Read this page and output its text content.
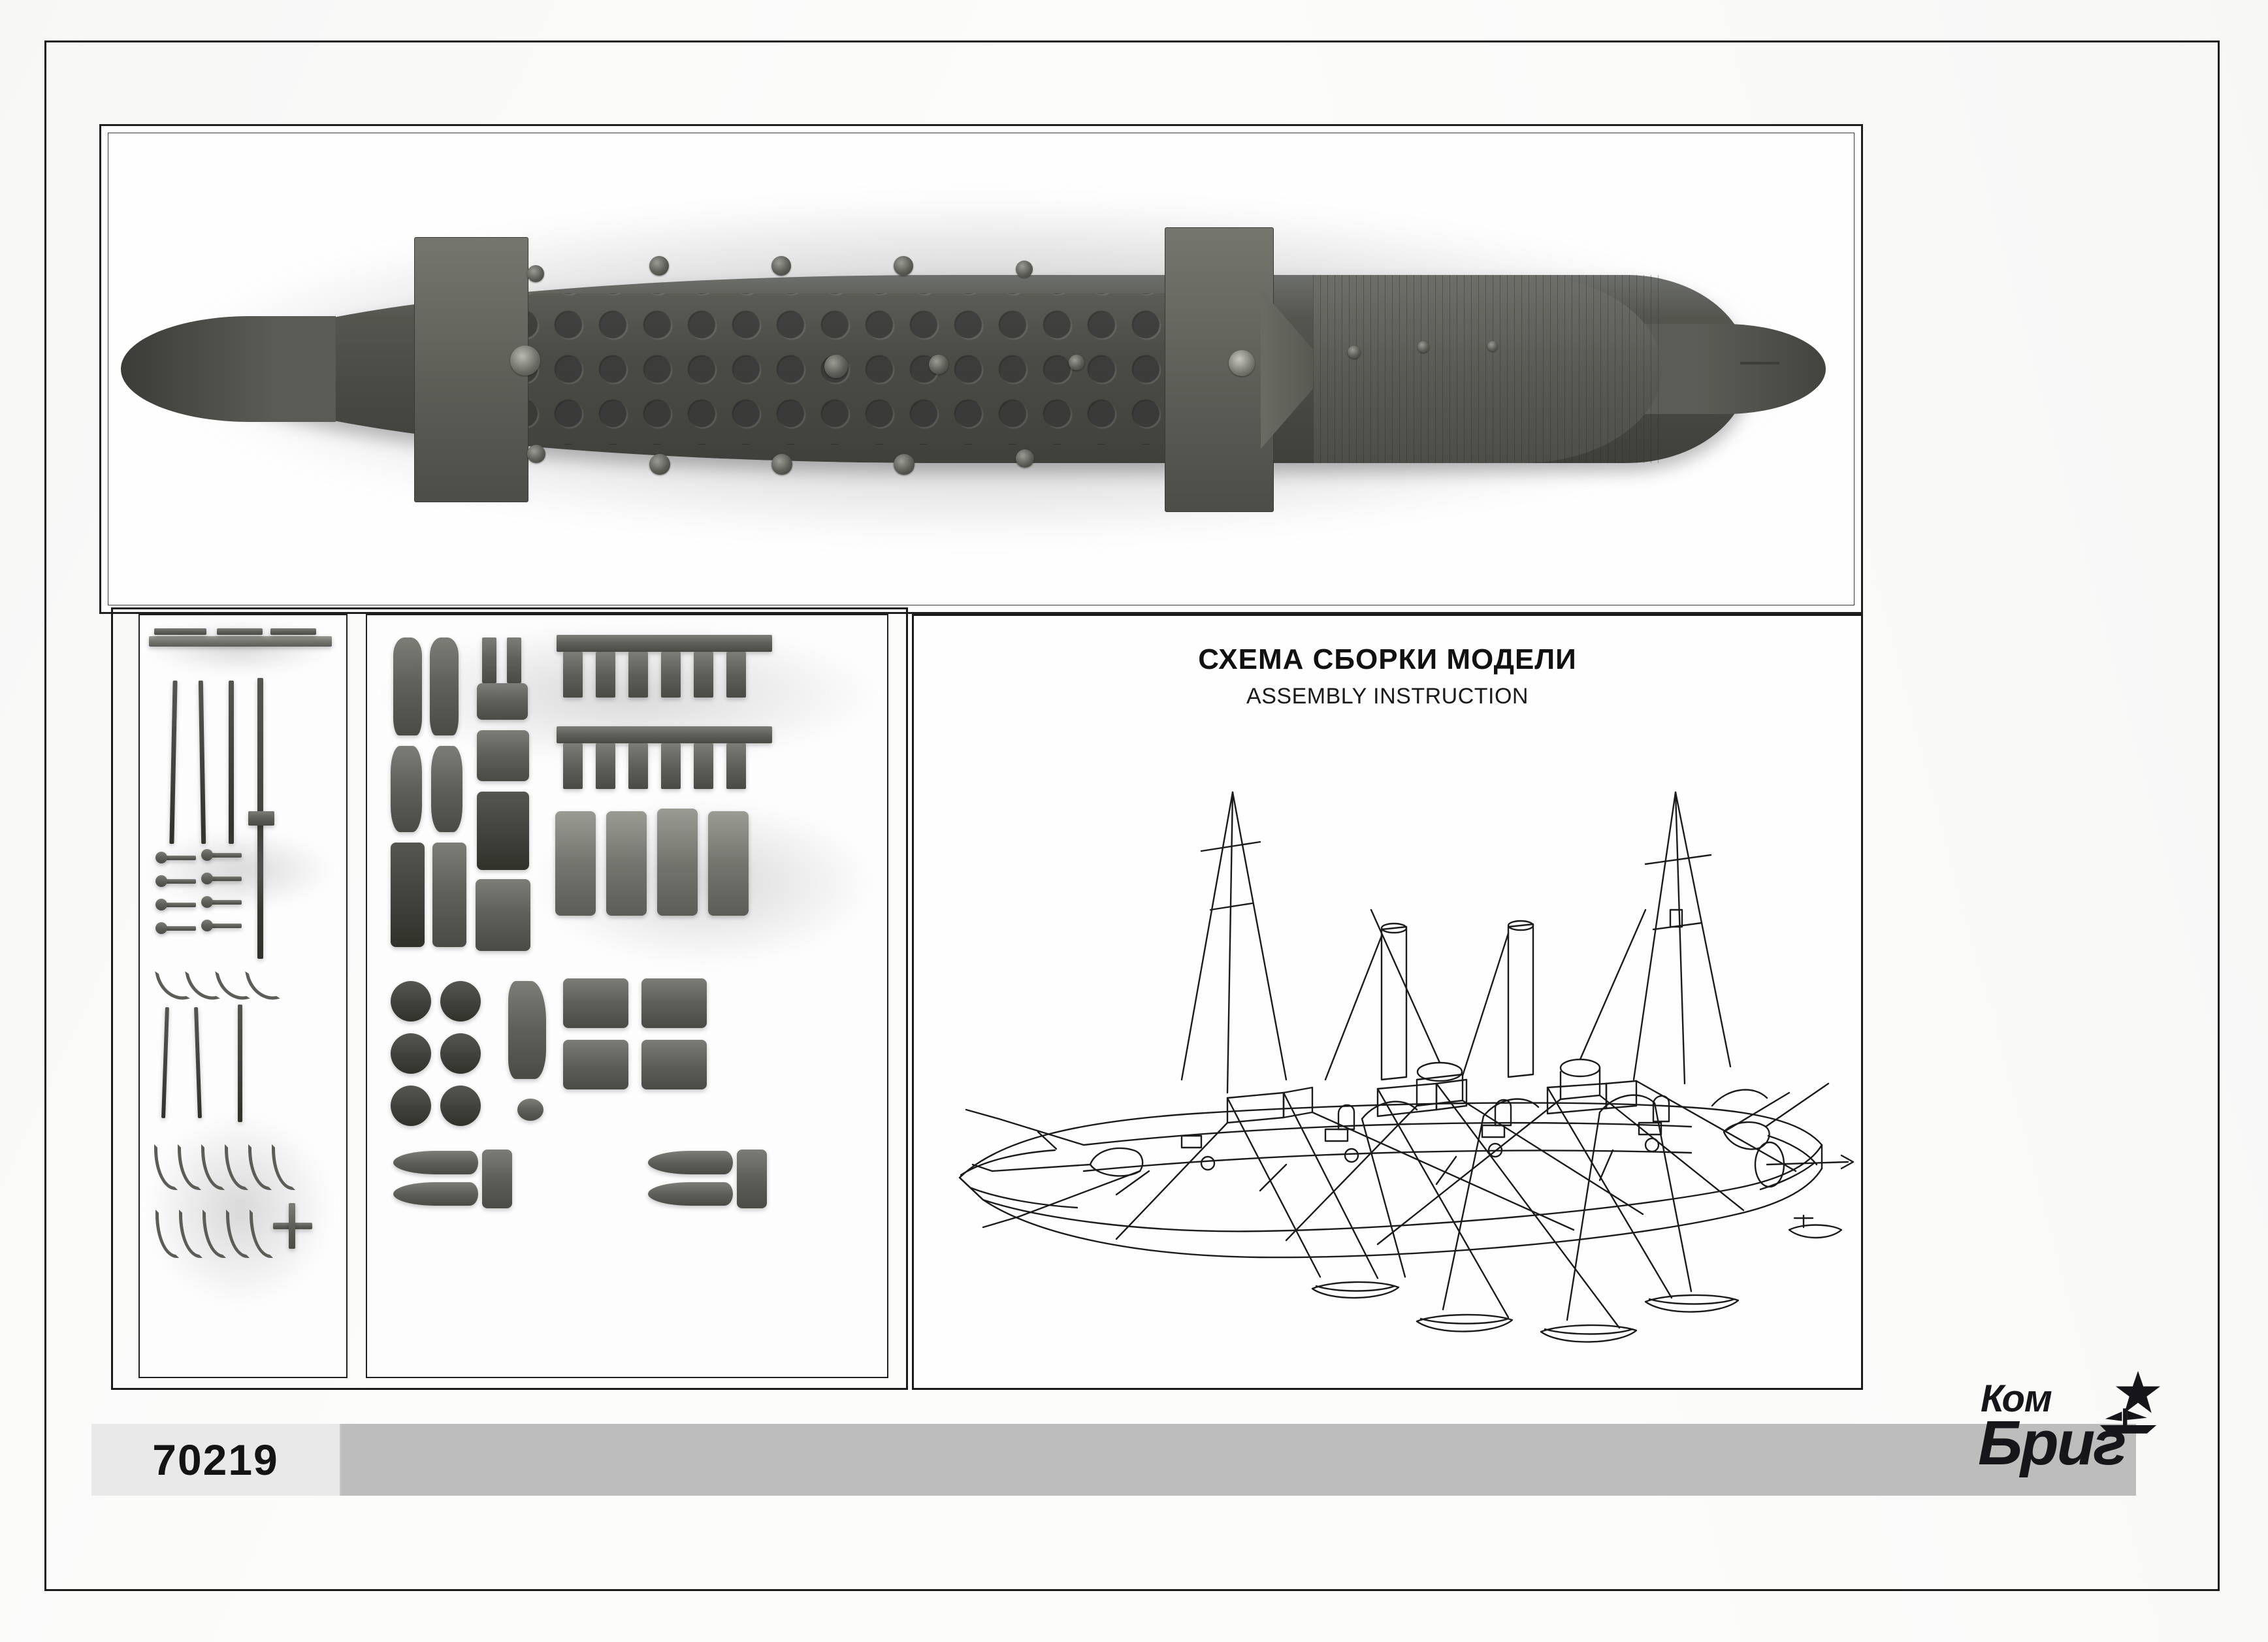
СХЕМА СБОРКИ МОДЕЛИ
ASSEMBLY INSTRUCTION
70219
Ком
Бриг
